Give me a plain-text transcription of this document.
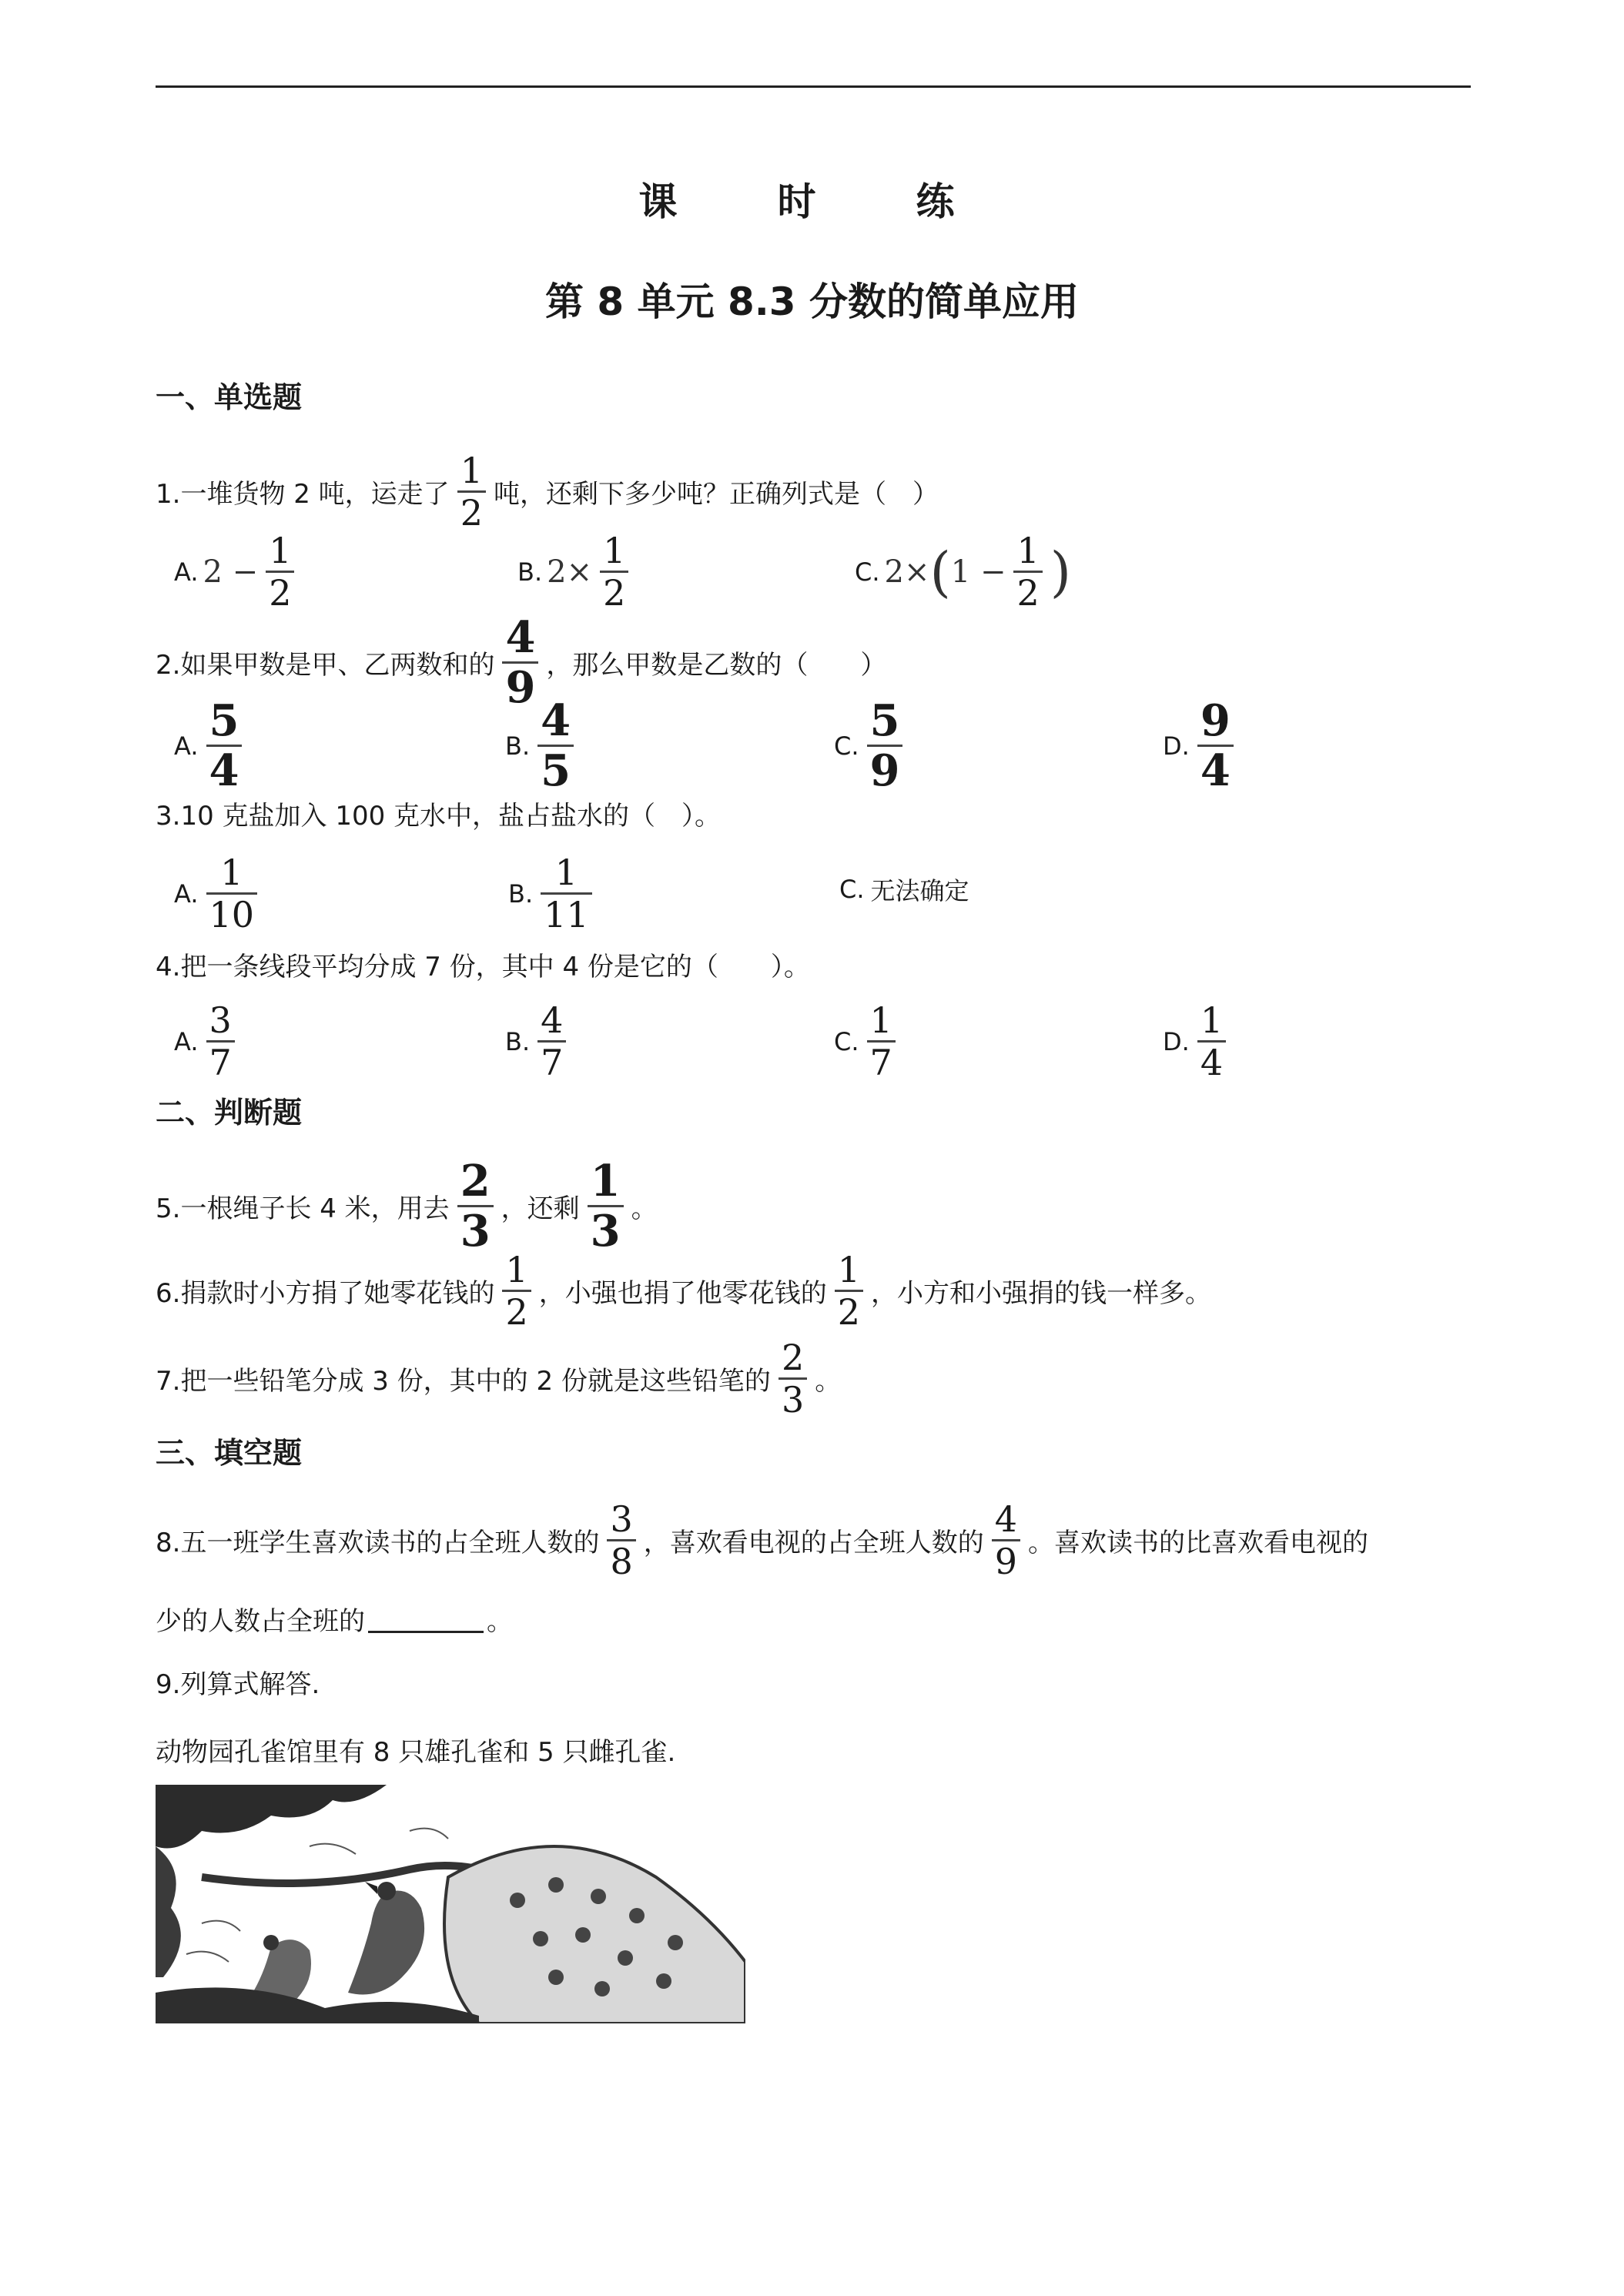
课　时　练
第 8 单元 8.3 分数的简单应用
一、单选题
1.一堆货物 2 吨，运走了 $\frac{1}{2}$ 吨，还剩下多少吨？正确列式是（　）
A. $2 - \frac{1}{2}$	B. $2\times \frac{1}{2}$	C. 2× ( $1 - \frac{1}{2}$ )
2.如果甲数是甲、乙两数和的 $\frac{4}{9}$ ，那么甲数是乙数的（　　）
A. $\frac{5}{4}$	B. $\frac{4}{5}$	C. $\frac{5}{9}$	D. $\frac{9}{4}$
3.10 克盐加入 100 克水中，盐占盐水的（　）。
A. $\frac{1}{10}$	B. $\frac{1}{11}$	C. 无法确定
4.把一条线段平均分成 7 份，其中 4 份是它的（　　）。
A. $\frac{3}{7}$	B. $\frac{4}{7}$	C. $\frac{1}{7}$	D. $\frac{1}{4}$
二、判断题
5.一根绳子长 4 米，用去 $\frac{2}{3}$ ，还剩 $\frac{1}{3}$ 。
6.捐款时小方捐了她零花钱的 $\frac{1}{2}$ ，小强也捐了他零花钱的 $\frac{1}{2}$ ，小方和小强捐的钱一样多。
7.把一些铅笔分成 3 份，其中的 2 份就是这些铅笔的 $\frac{2}{3}$ 。
三、填空题
8.五一班学生喜欢读书的占全班人数的 $\frac{3}{8}$ ，喜欢看电视的占全班人数的 $\frac{4}{9}$ 。喜欢读书的比喜欢看电视的
少的人数占全班的	。
9.列算式解答.
动物园孔雀馆里有 8 只雄孔雀和 5 只雌孔雀.
